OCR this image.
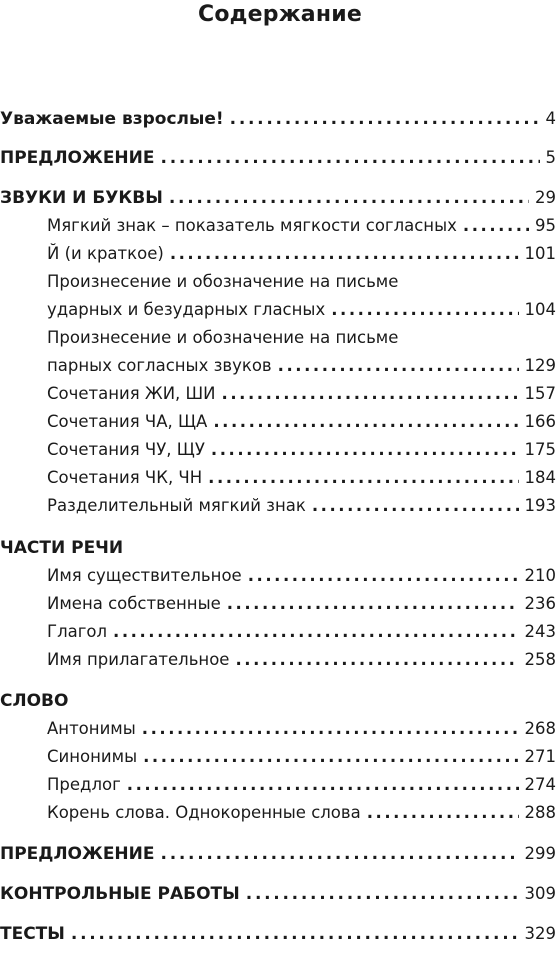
Содержание
Уважаемые взрослые! . . .	4
ПРЕДЛОЖЕНИЕ . . .	5
ЗВУКИ И БУКВЫ . . .	29
Мягкий знак – показатель мягкости согласных . . .	95
Й (и краткое) . . .	101
Произнесение и обозначение на письме
ударных и безударных гласных . . .	104
Произнесение и обозначение на письме
парных согласных звуков . . .	129
Сочетания ЖИ, ШИ . . .	157
Сочетания ЧА, ЩА . . .	166
Сочетания ЧУ, ЩУ . . .	175
Сочетания ЧК, ЧН . . .	184
Разделительный мягкий знак . . .	193
ЧАСТИ РЕЧИ
Имя существительное . . .	210
Имена собственные . . .	236
Глагол . . .	243
Имя прилагательное . . .	258
СЛОВО
Антонимы . . .	268
Синонимы . . .	271
Предлог . . .	274
Корень слова. Однокоренные слова . . .	288
ПРЕДЛОЖЕНИЕ . . .	299
КОНТРОЛЬНЫЕ РАБОТЫ . . .	309
ТЕСТЫ . . .	329
